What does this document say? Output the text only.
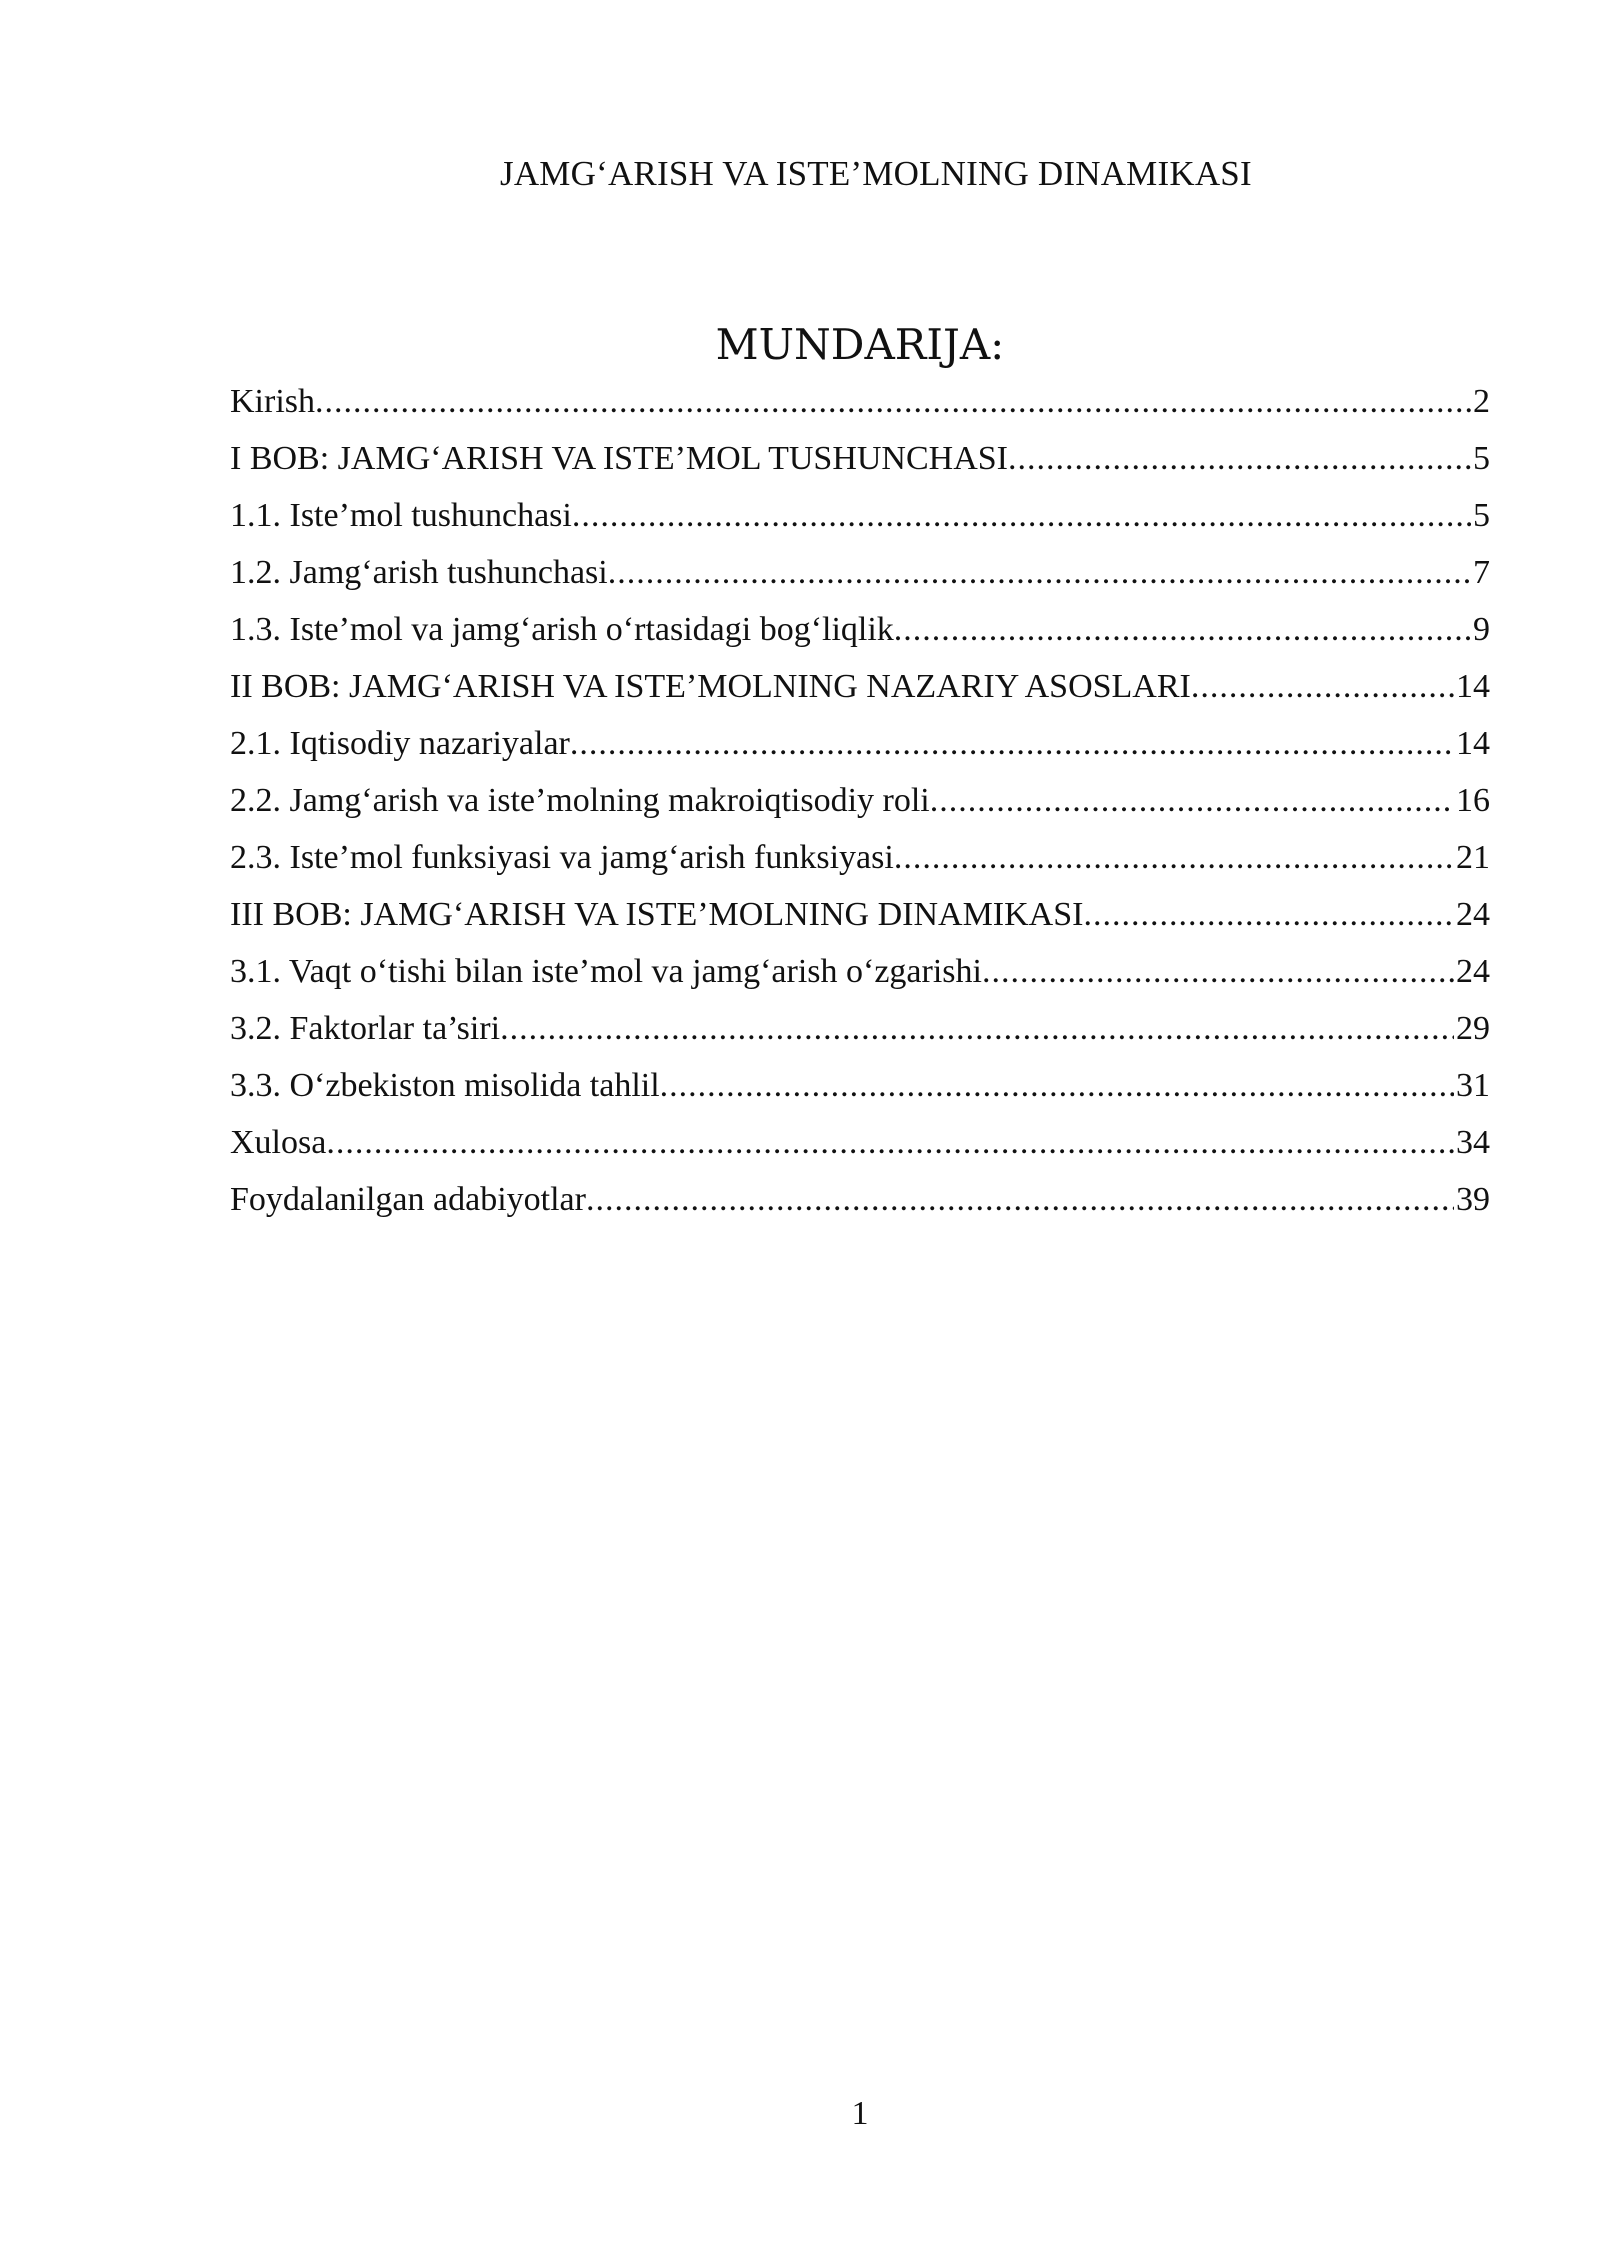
JAMG‘ARISH VA ISTE’MOLNING DINAMIKASI
MUNDARIJA:
Kirish .....	2
I BOB: JAMG‘ARISH VA ISTE’MOL TUSHUNCHASI .....	5
1.1. Iste’mol tushunchasi .....	5
1.2. Jamg‘arish tushunchasi .....	7
1.3. Iste’mol va jamg‘arish o‘rtasidagi bog‘liqlik .....	9
II BOB: JAMG‘ARISH VA ISTE’MOLNING NAZARIY ASOSLARI .....	14
2.1. Iqtisodiy nazariyalar .....	14
2.2. Jamg‘arish va iste’molning makroiqtisodiy roli .....	16
2.3. Iste’mol funksiyasi va jamg‘arish funksiyasi .....	21
III BOB: JAMG‘ARISH VA ISTE’MOLNING DINAMIKASI .....	24
3.1. Vaqt o‘tishi bilan iste’mol va jamg‘arish o‘zgarishi .....	24
3.2. Faktorlar ta’siri .....	29
3.3. O‘zbekiston misolida tahlil .....	31
Xulosa .....	34
Foydalanilgan adabiyotlar .....	39
1
